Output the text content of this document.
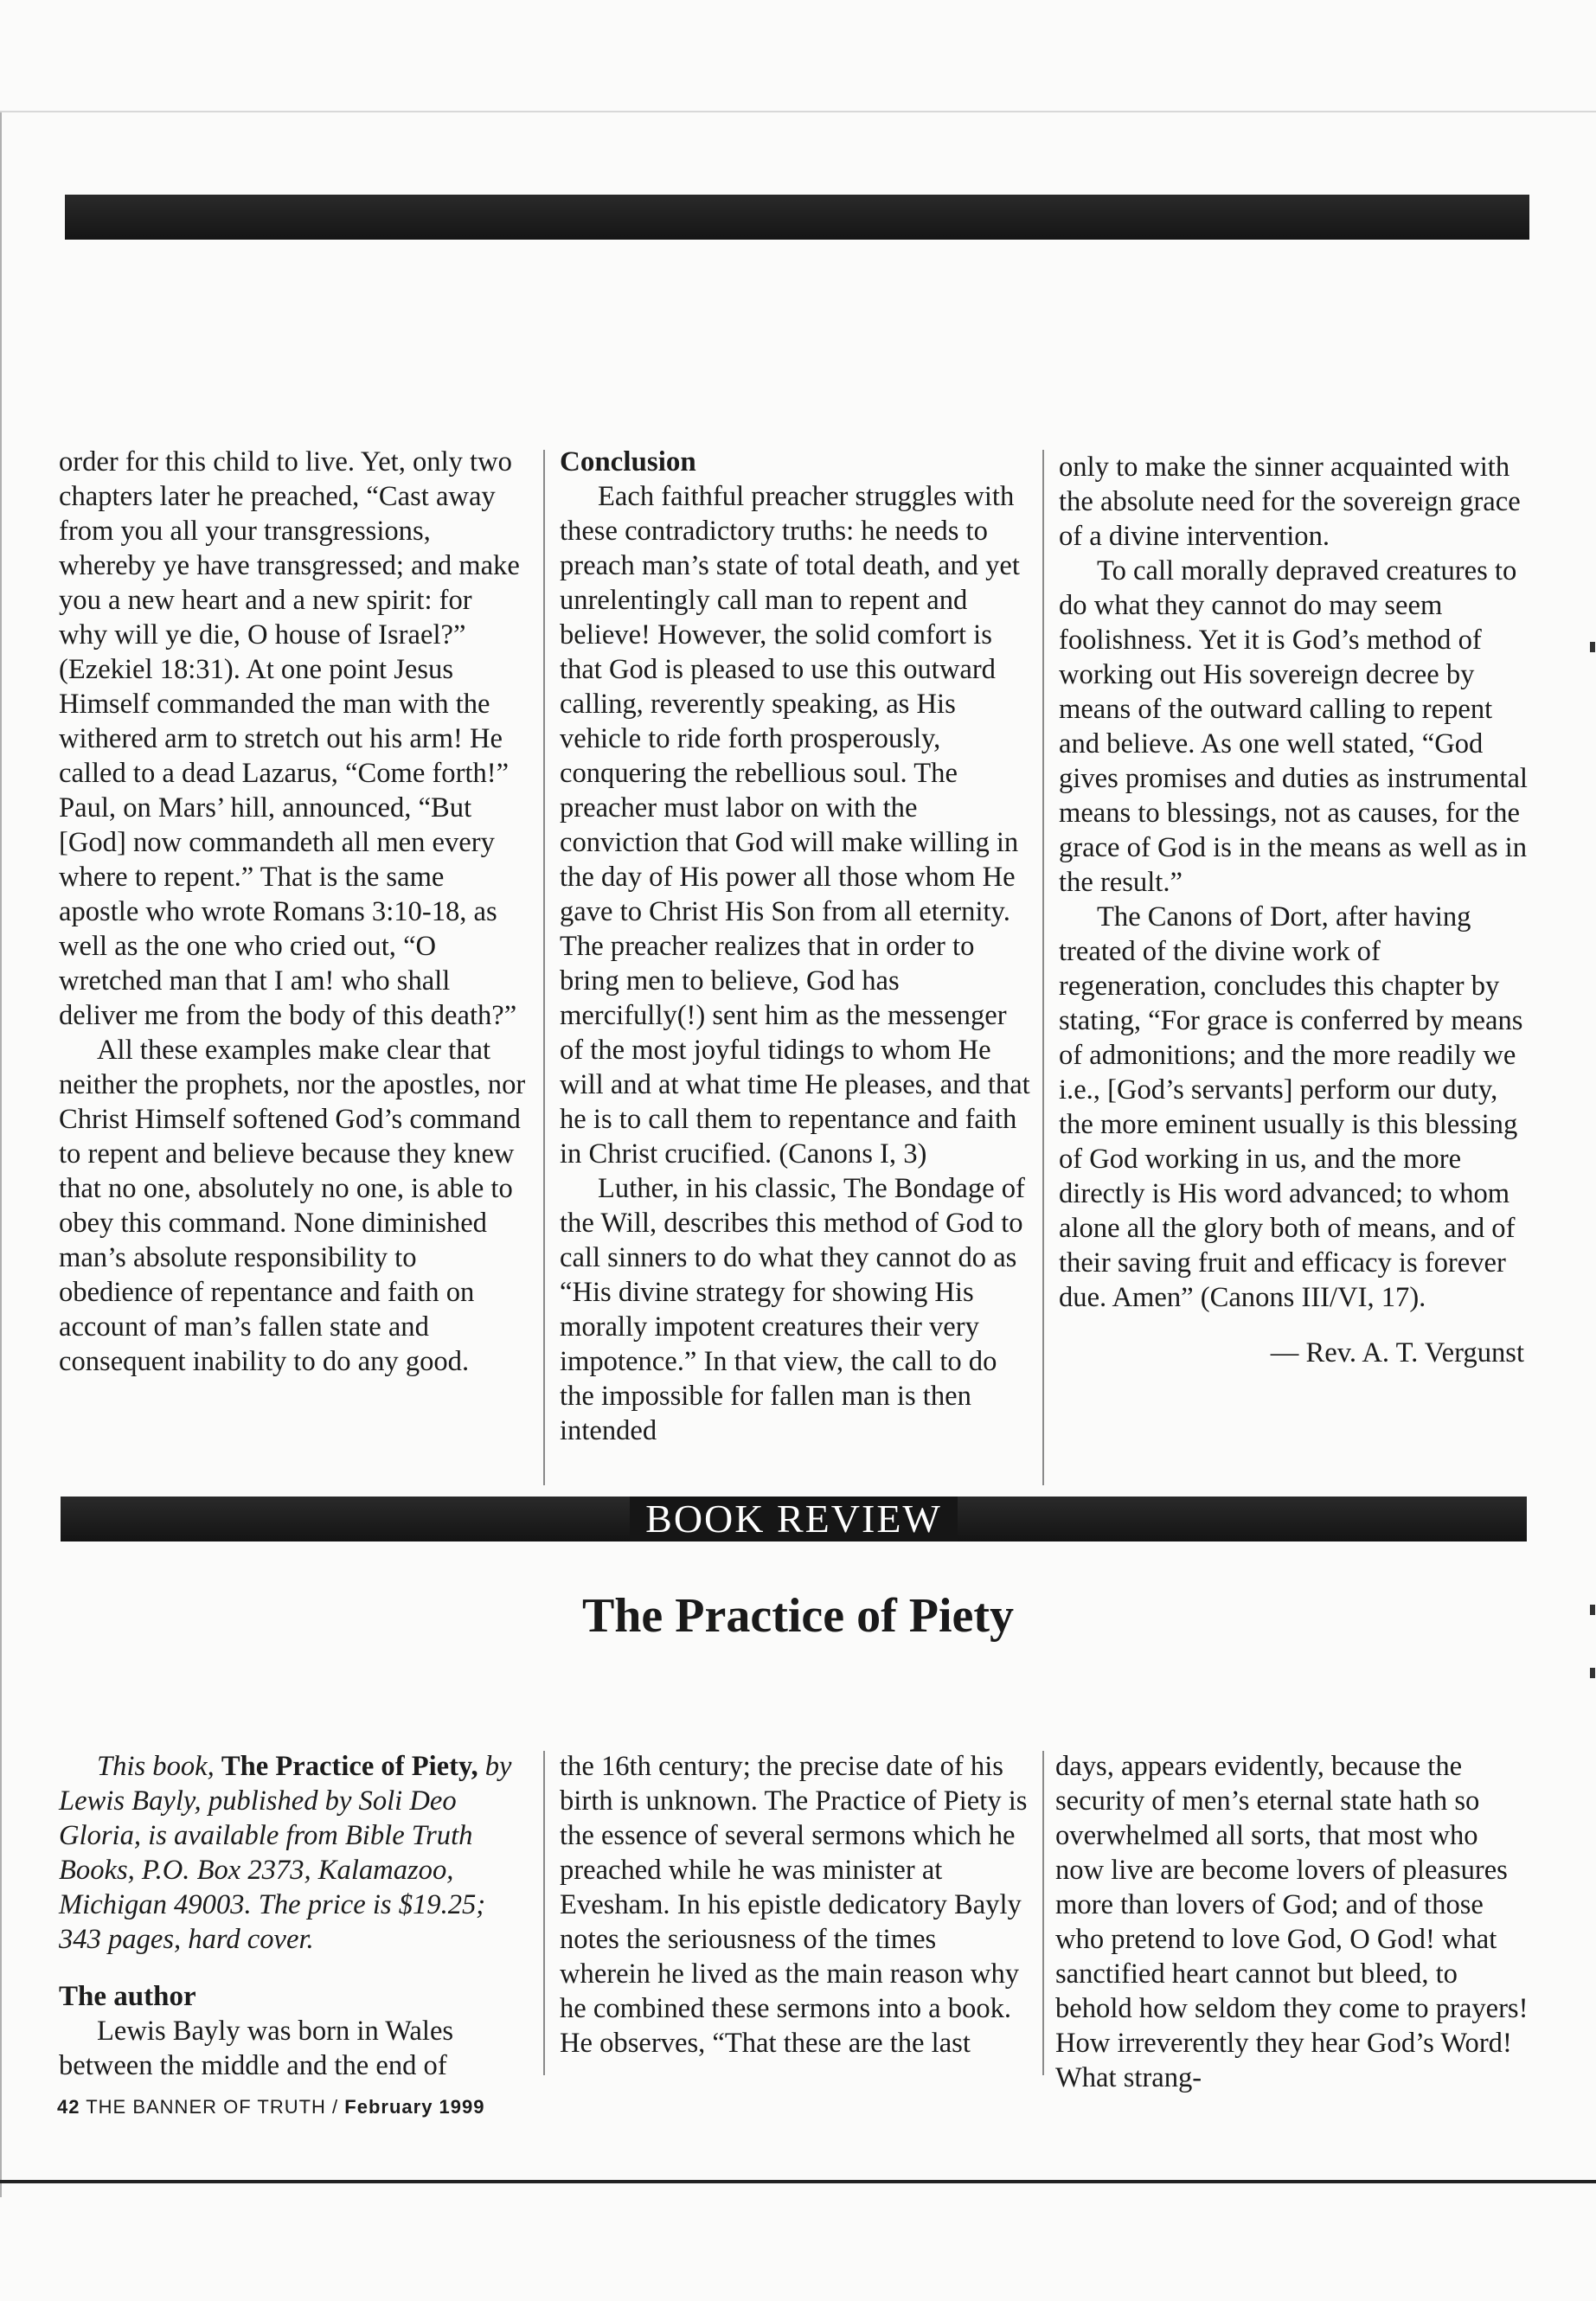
order for this child to live. Yet, only two chapters later he preached, “Cast away from you all your transgressions, whereby ye have transgressed; and make you a new heart and a new spirit: for why will ye die, O house of Israel?” (Ezekiel 18:31). At one point Jesus Himself commanded the man with the withered arm to stretch out his arm! He called to a dead Lazarus, “Come forth!” Paul, on Mars’ hill, announced, “But [God] now commandeth all men every where to repent.” That is the same apostle who wrote Romans 3:10-18, as well as the one who cried out, “O wretched man that I am! who shall deliver me from the body of this death?”

All these examples make clear that neither the prophets, nor the apostles, nor Christ Himself softened God’s command to repent and believe because they knew that no one, absolutely no one, is able to obey this command. None diminished man’s absolute responsibility to obedience of repentance and faith on account of man’s fallen state and consequent inability to do any good.

Conclusion

Each faithful preacher struggles with these contradictory truths: he needs to preach man’s state of total death, and yet unrelentingly call man to repent and believe! However, the solid comfort is that God is pleased to use this outward calling, reverently speaking, as His vehicle to ride forth prosperously, conquering the rebellious soul. The preacher must labor on with the conviction that God will make willing in the day of His power all those whom He gave to Christ His Son from all eternity. The preacher realizes that in order to bring men to believe, God has mercifully(!) sent him as the messenger of the most joyful tidings to whom He will and at what time He pleases, and that he is to call them to repentance and faith in Christ crucified. (Canons I, 3)

Luther, in his classic, The Bondage of the Will, describes this method of God to call sinners to do what they cannot do as “His divine strategy for showing His morally impotent creatures their very impotence.” In that view, the call to do the impossible for fallen man is then intended

only to make the sinner acquainted with the absolute need for the sovereign grace of a divine intervention.

To call morally depraved creatures to do what they cannot do may seem foolishness. Yet it is God’s method of working out His sovereign decree by means of the outward calling to repent and believe. As one well stated, “God gives promises and duties as instrumental means to blessings, not as causes, for the grace of God is in the means as well as in the result.”

The Canons of Dort, after having treated of the divine work of regeneration, concludes this chapter by stating, “For grace is conferred by means of admonitions; and the more readily we i.e., [God’s servants] perform our duty, the more eminent usually is this blessing of God working in us, and the more directly is His word advanced; to whom alone all the glory both of means, and of their saving fruit and efficacy is forever due. Amen” (Canons III/VI, 17).

— Rev. A. T. Vergunst

BOOK REVIEW
The Practice of Piety

This book, The Practice of Piety, by Lewis Bayly, published by Soli Deo Gloria, is available from Bible Truth Books, P.O. Box 2373, Kalamazoo, Michigan 49003. The price is $19.25; 343 pages, hard cover.

The author

Lewis Bayly was born in Wales between the middle and the end of

the 16th century; the precise date of his birth is unknown. The Practice of Piety is the essence of several sermons which he preached while he was minister at Evesham. In his epistle dedicatory Bayly notes the seriousness of the times wherein he lived as the main reason why he combined these sermons into a book. He observes, “That these are the last

days, appears evidently, because the security of men’s eternal state hath so overwhelmed all sorts, that most who now live are become lovers of pleasures more than lovers of God; and of those who pretend to love God, O God! what sanctified heart cannot but bleed, to behold how seldom they come to prayers! How irreverently they hear God’s Word! What strang-

42 THE BANNER OF TRUTH / February 1999
